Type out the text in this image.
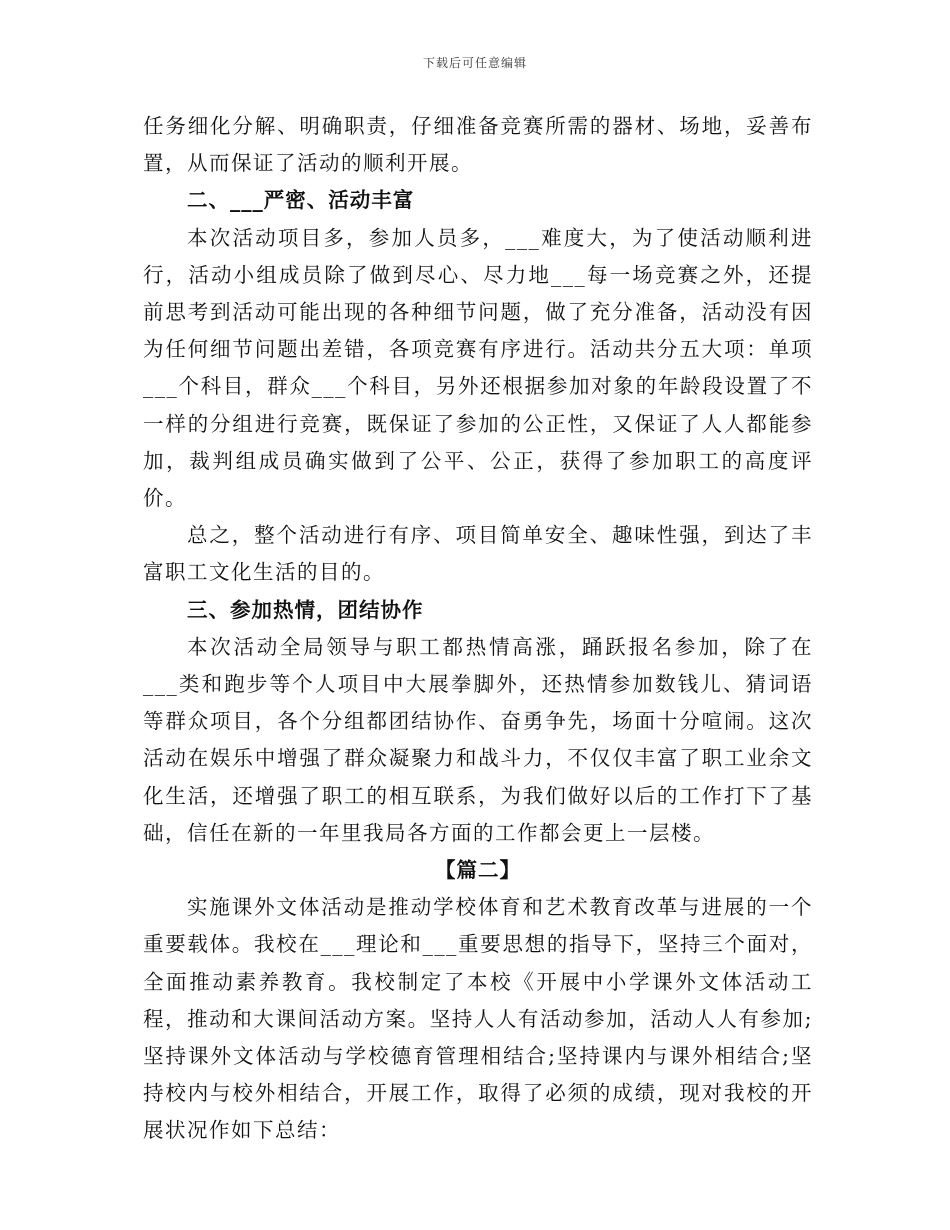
下载后可任意编辑

任务细化分解、明确职责，仔细准备竞赛所需的器材、场地，妥善布置，从而保证了活动的顺利开展。

二、___严密、活动丰富

本次活动项目多，参加人员多，___难度大，为了使活动顺利进行，活动小组成员除了做到尽心、尽力地___每一场竞赛之外，还提前思考到活动可能出现的各种细节问题，做了充分准备，活动没有因为任何细节问题出差错，各项竞赛有序进行。活动共分五大项：单项___个科目，群众___个科目，另外还根据参加对象的年龄段设置了不一样的分组进行竞赛，既保证了参加的公正性，又保证了人人都能参加，裁判组成员确实做到了公平、公正，获得了参加职工的高度评价。

总之，整个活动进行有序、项目简单安全、趣味性强，到达了丰富职工文化生活的目的。

三、参加热情，团结协作

本次活动全局领导与职工都热情高涨，踊跃报名参加，除了在___类和跑步等个人项目中大展拳脚外，还热情参加数钱儿、猜词语等群众项目，各个分组都团结协作、奋勇争先，场面十分喧闹。这次活动在娱乐中增强了群众凝聚力和战斗力，不仅仅丰富了职工业余文化生活，还增强了职工的相互联系，为我们做好以后的工作打下了基础，信任在新的一年里我局各方面的工作都会更上一层楼。

【篇二】

实施课外文体活动是推动学校体育和艺术教育改革与进展的一个重要载体。我校在___理论和___重要思想的指导下，坚持三个面对，全面推动素养教育。我校制定了本校《开展中小学课外文体活动工程，推动和大课间活动方案。坚持人人有活动参加，活动人人有参加;坚持课外文体活动与学校德育管理相结合;坚持课内与课外相结合;坚持校内与校外相结合，开展工作，取得了必须的成绩，现对我校的开展状况作如下总结：
